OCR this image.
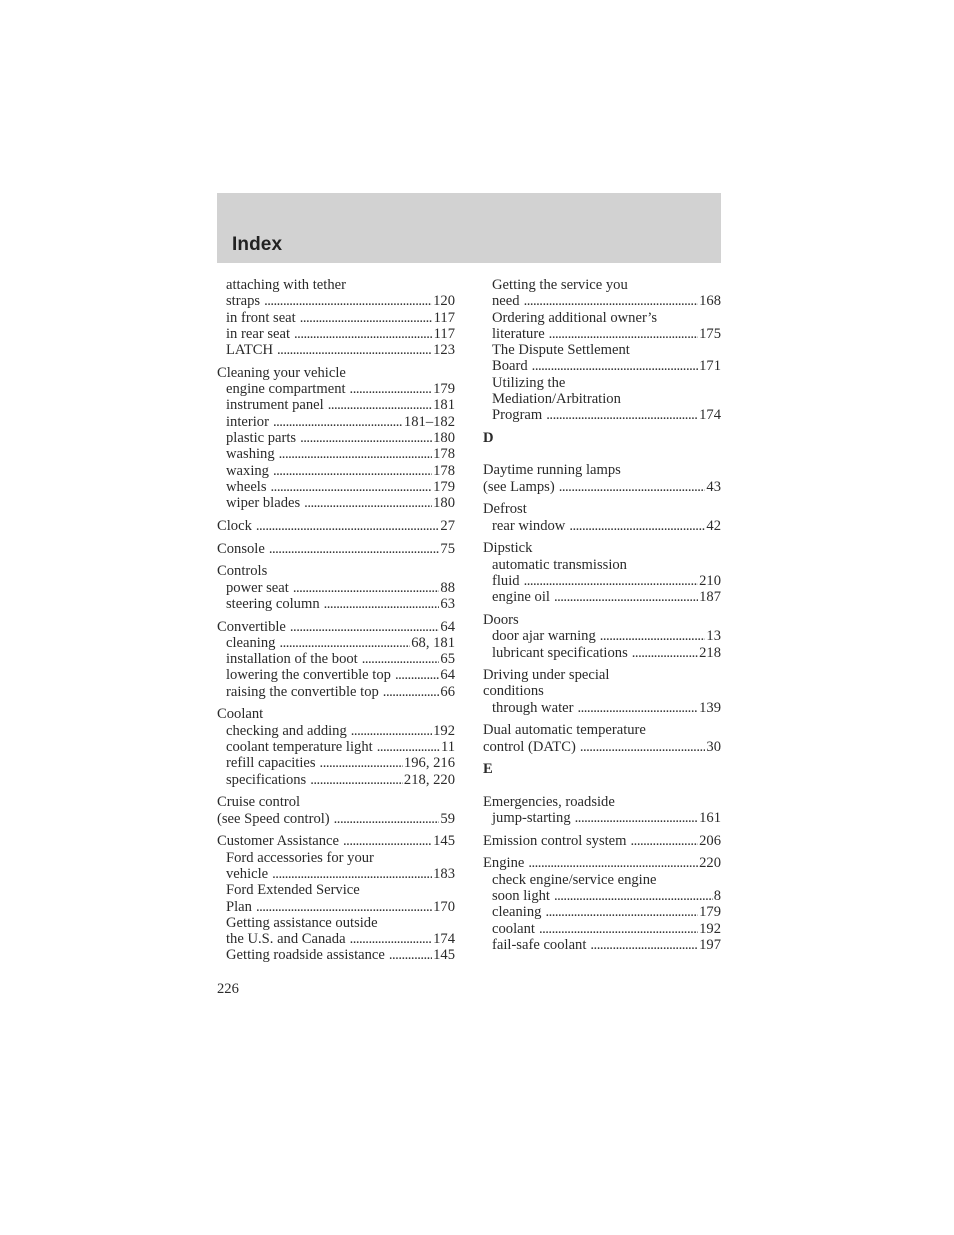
Index
attaching with tether
straps .....	120
in front seat .....	117
in rear seat .....	117
LATCH .....	123
Cleaning your vehicle
engine compartment .....	179
instrument panel .....	181
interior .....	181–182
plastic parts .....	180
washing .....	178
waxing .....	178
wheels .....	179
wiper blades .....	180
Clock .....	27
Console .....	75
Controls
power seat .....	88
steering column .....	63
Convertible .....	64
cleaning .....	68, 181
installation of the boot .....	65
lowering the convertible top .....	64
raising the convertible top .....	66
Coolant
checking and adding .....	192
coolant temperature light .....	11
refill capacities .....	196, 216
specifications .....	218, 220
Cruise control
(see Speed control) .....	59
Customer Assistance .....	145
Ford accessories for your
vehicle .....	183
Ford Extended Service
Plan .....	170
Getting assistance outside
the U.S. and Canada .....	174
Getting roadside assistance .....	145
Getting the service you
need .....	168
Ordering additional owner’s
literature .....	175
The Dispute Settlement
Board .....	171
Utilizing the
Mediation/Arbitration
Program .....	174
D
Daytime running lamps
(see Lamps) .....	43
Defrost
rear window .....	42
Dipstick
automatic transmission
fluid .....	210
engine oil .....	187
Doors
door ajar warning .....	13
lubricant specifications .....	218
Driving under special
conditions
through water .....	139
Dual automatic temperature
control (DATC) .....	30
E
Emergencies, roadside
jump-starting .....	161
Emission control system .....	206
Engine .....	220
check engine/service engine
soon light .....	8
cleaning .....	179
coolant .....	192
fail-safe coolant .....	197
226
